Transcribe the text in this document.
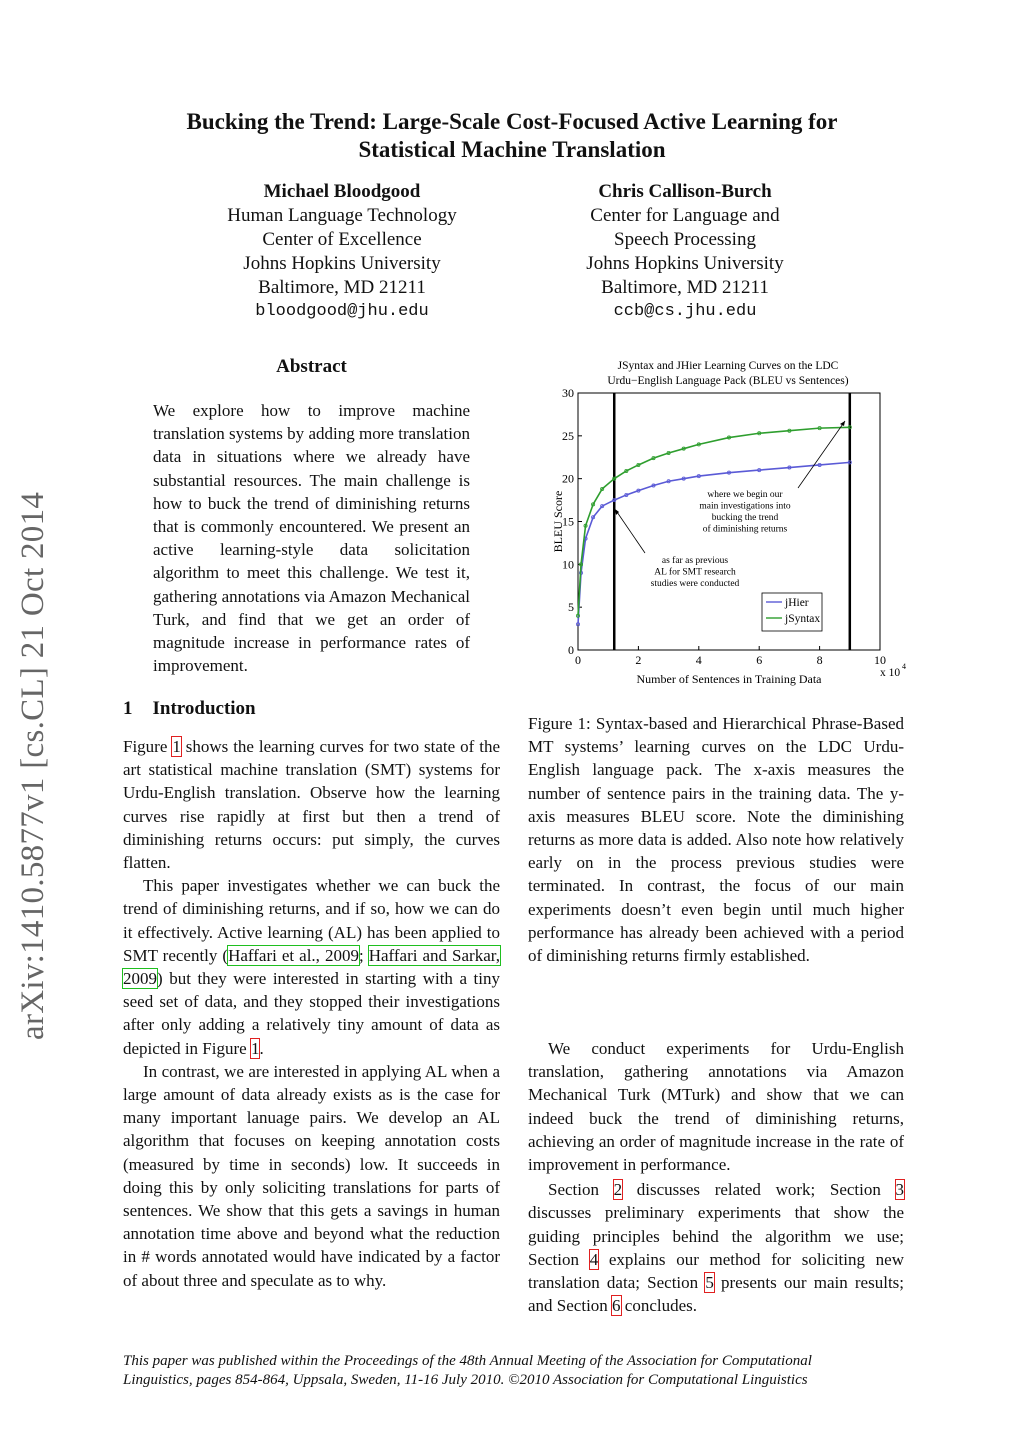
arXiv:1410.5877v1 [cs.CL] 21 Oct 2014
Bucking the Trend: Large-Scale Cost-Focused Active Learning for
Statistical Machine Translation
Michael Bloodgood
Human Language Technology
Center of Excellence
Johns Hopkins University
Baltimore, MD 21211
bloodgood@jhu.edu
Chris Callison-Burch
Center for Language and
Speech Processing
Johns Hopkins University
Baltimore, MD 21211
ccb@cs.jhu.edu
Abstract

We explore how to improve machine translation systems by adding more translation data in situations where we already have substantial resources. The main challenge is how to buck the trend of diminishing returns that is commonly encountered. We present an active learning-style data solicitation algorithm to meet this challenge. We test it, gathering annotations via Amazon Mechanical Turk, and find that we get an order of magnitude increase in performance rates of improvement.

1 Introduction

Figure 1 shows the learning curves for two state of the art statistical machine translation (SMT) systems for Urdu-English translation. Observe how the learning curves rise rapidly at first but then a trend of diminishing returns occurs: put simply, the curves flatten.

This paper investigates whether we can buck the trend of diminishing returns, and if so, how we can do it effectively. Active learning (AL) has been applied to SMT recently (Haffari et al., 2009; Haffari and Sarkar, 2009) but they were interested in starting with a tiny seed set of data, and they stopped their investigations after only adding a relatively tiny amount of data as depicted in Figure 1.

In contrast, we are interested in applying AL when a large amount of data already exists as is the case for many important lanuage pairs. We develop an AL algorithm that focuses on keeping annotation costs (measured by time in seconds) low. It succeeds in doing this by only soliciting translations for parts of sentences. We show that this gets a savings in human annotation time above and beyond what the reduction in # words annotated would have indicated by a factor of about three and speculate as to why.

JSyntax and JHier Learning Curves on the LDC
Urdu−English Language Pack (BLEU vs Sentences)
0	2	4	6	8	10
0
5
10
15
20
25
30
Number of Sentences in Training Data	x 10
4
BLEU Score	where we begin our
main investigations into
bucking the trend
of diminishing returns
as far as previous
AL for SMT research
studies were conducted
jHier
jSyntax

Figure 1: Syntax-based and Hierarchical Phrase-Based MT systems’ learning curves on the LDC Urdu-English language pack. The x-axis measures the number of sentence pairs in the training data. The y-axis measures BLEU score. Note the diminishing returns as more data is added. Also note how relatively early on in the process previous studies were terminated. In contrast, the focus of our main experiments doesn’t even begin until much higher performance has already been achieved with a period of diminishing returns firmly established.

We conduct experiments for Urdu-English translation, gathering annotations via Amazon Mechanical Turk (MTurk) and show that we can indeed buck the trend of diminishing returns, achieving an order of magnitude increase in the rate of improvement in performance.

Section 2 discusses related work; Section 3 discusses preliminary experiments that show the guiding principles behind the algorithm we use; Section 4 explains our method for soliciting new translation data; Section 5 presents our main results; and Section 6 concludes.

This paper was published within the Proceedings of the 48th Annual Meeting of the Association for Computational Linguistics, pages 854-864, Uppsala, Sweden, 11-16 July 2010. ©2010 Association for Computational Linguistics
